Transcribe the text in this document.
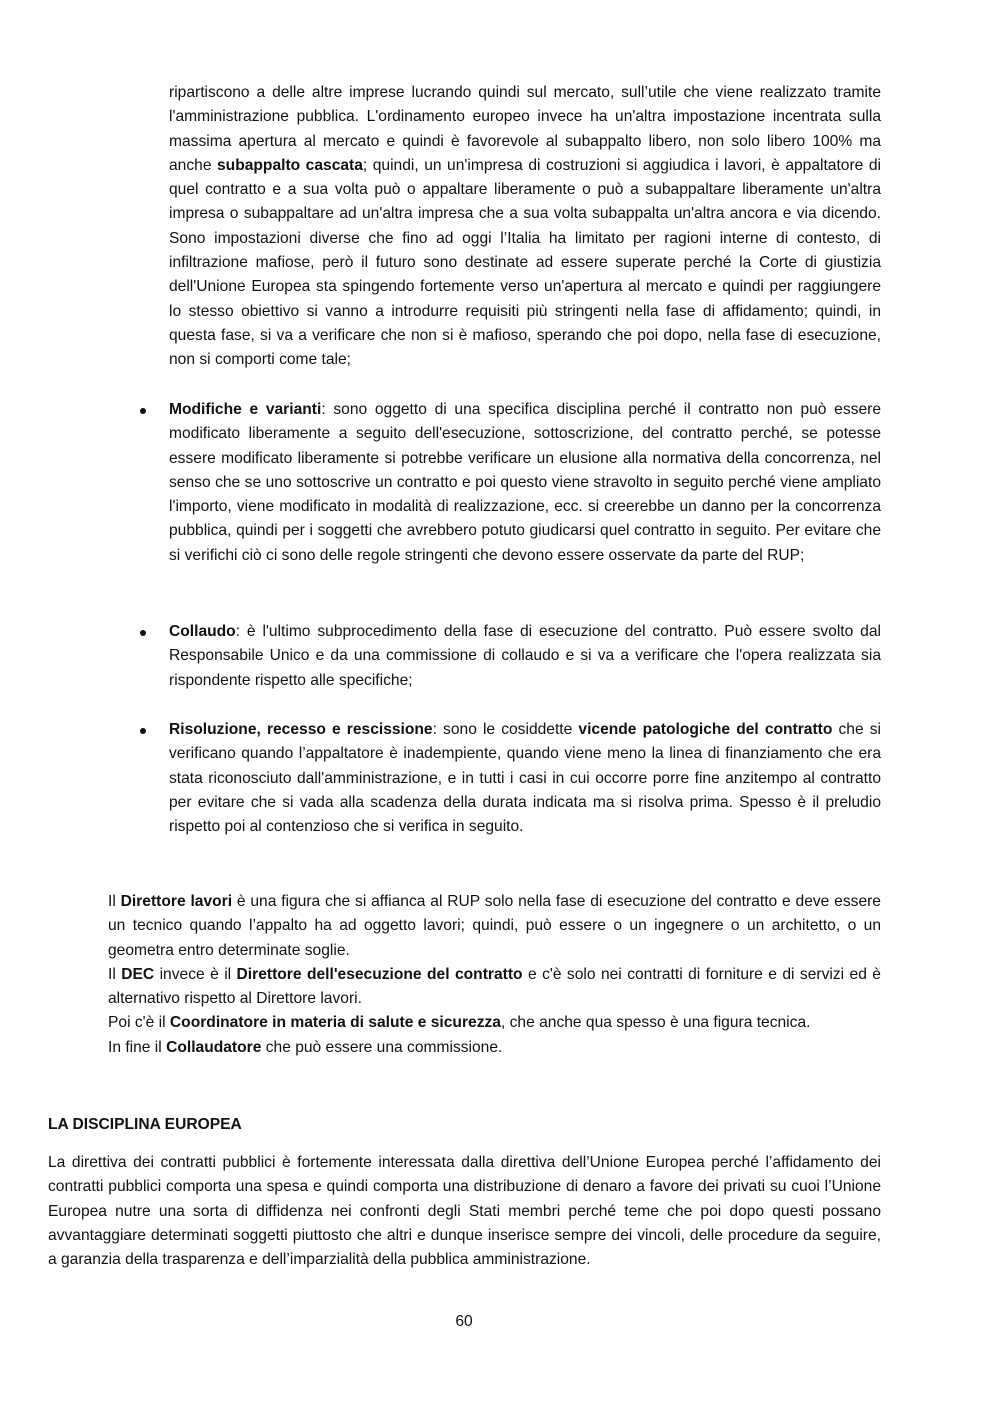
ripartiscono a delle altre imprese lucrando quindi sul mercato, sull’utile che viene realizzato tramite l'amministrazione pubblica. L'ordinamento europeo invece ha un'altra impostazione incentrata sulla massima apertura al mercato e quindi è favorevole al subappalto libero, non solo libero 100% ma anche subappalto cascata; quindi, un un'impresa di costruzioni si aggiudica i lavori, è appaltatore di quel contratto e a sua volta può o appaltare liberamente o può a subappaltare liberamente un'altra impresa o subappaltare ad un'altra impresa che a sua volta subappalta un'altra ancora e via dicendo. Sono impostazioni diverse che fino ad oggi l’Italia ha limitato per ragioni interne di contesto, di infiltrazione mafiose, però il futuro sono destinate ad essere superate perché la Corte di giustizia dell'Unione Europea sta spingendo fortemente verso un'apertura al mercato e quindi per raggiungere lo stesso obiettivo si vanno a introdurre requisiti più stringenti nella fase di affidamento; quindi, in questa fase, si va a verificare che non si è mafioso, sperando che poi dopo, nella fase di esecuzione, non si comporti come tale;

Modifiche e varianti: sono oggetto di una specifica disciplina perché il contratto non può essere modificato liberamente a seguito dell'esecuzione, sottoscrizione, del contratto perché, se potesse essere modificato liberamente si potrebbe verificare un elusione alla normativa della concorrenza, nel senso che se uno sottoscrive un contratto e poi questo viene stravolto in seguito perché viene ampliato l'importo, viene modificato in modalità di realizzazione, ecc. si creerebbe un danno per la concorrenza pubblica, quindi per i soggetti che avrebbero potuto giudicarsi quel contratto in seguito. Per evitare che si verifichi ciò ci sono delle regole stringenti che devono essere osservate da parte del RUP;

Collaudo: è l'ultimo subprocedimento della fase di esecuzione del contratto. Può essere svolto dal Responsabile Unico e da una commissione di collaudo e si va a verificare che l'opera realizzata sia rispondente rispetto alle specifiche;

Risoluzione, recesso e rescissione: sono le cosiddette vicende patologiche del contratto che si verificano quando l’appaltatore è inadempiente, quando viene meno la linea di finanziamento che era stata riconosciuto dall'amministrazione, e in tutti i casi in cui occorre porre fine anzitempo al contratto per evitare che si vada alla scadenza della durata indicata ma si risolva prima. Spesso è il preludio rispetto poi al contenzioso che si verifica in seguito.

Il Direttore lavori è una figura che si affianca al RUP solo nella fase di esecuzione del contratto e deve essere un tecnico quando l’appalto ha ad oggetto lavori; quindi, può essere o un ingegnere o un architetto, o un geometra entro determinate soglie.

Il DEC invece è il Direttore dell'esecuzione del contratto e c'è solo nei contratti di forniture e di servizi ed è alternativo rispetto al Direttore lavori.

Poi c'è il Coordinatore in materia di salute e sicurezza, che anche qua spesso è una figura tecnica.

In fine il Collaudatore che può essere una commissione.

LA DISCIPLINA EUROPEA

La direttiva dei contratti pubblici è fortemente interessata dalla direttiva dell’Unione Europea perché l’affidamento dei contratti pubblici comporta una spesa e quindi comporta una distribuzione di denaro a favore dei privati su cuoi l’Unione Europea nutre una sorta di diffidenza nei confronti degli Stati membri perché teme che poi dopo questi possano avvantaggiare determinati soggetti piuttosto che altri e dunque inserisce sempre dei vincoli, delle procedure da seguire, a garanzia della trasparenza e dell’imparzialità della pubblica amministrazione.

60
